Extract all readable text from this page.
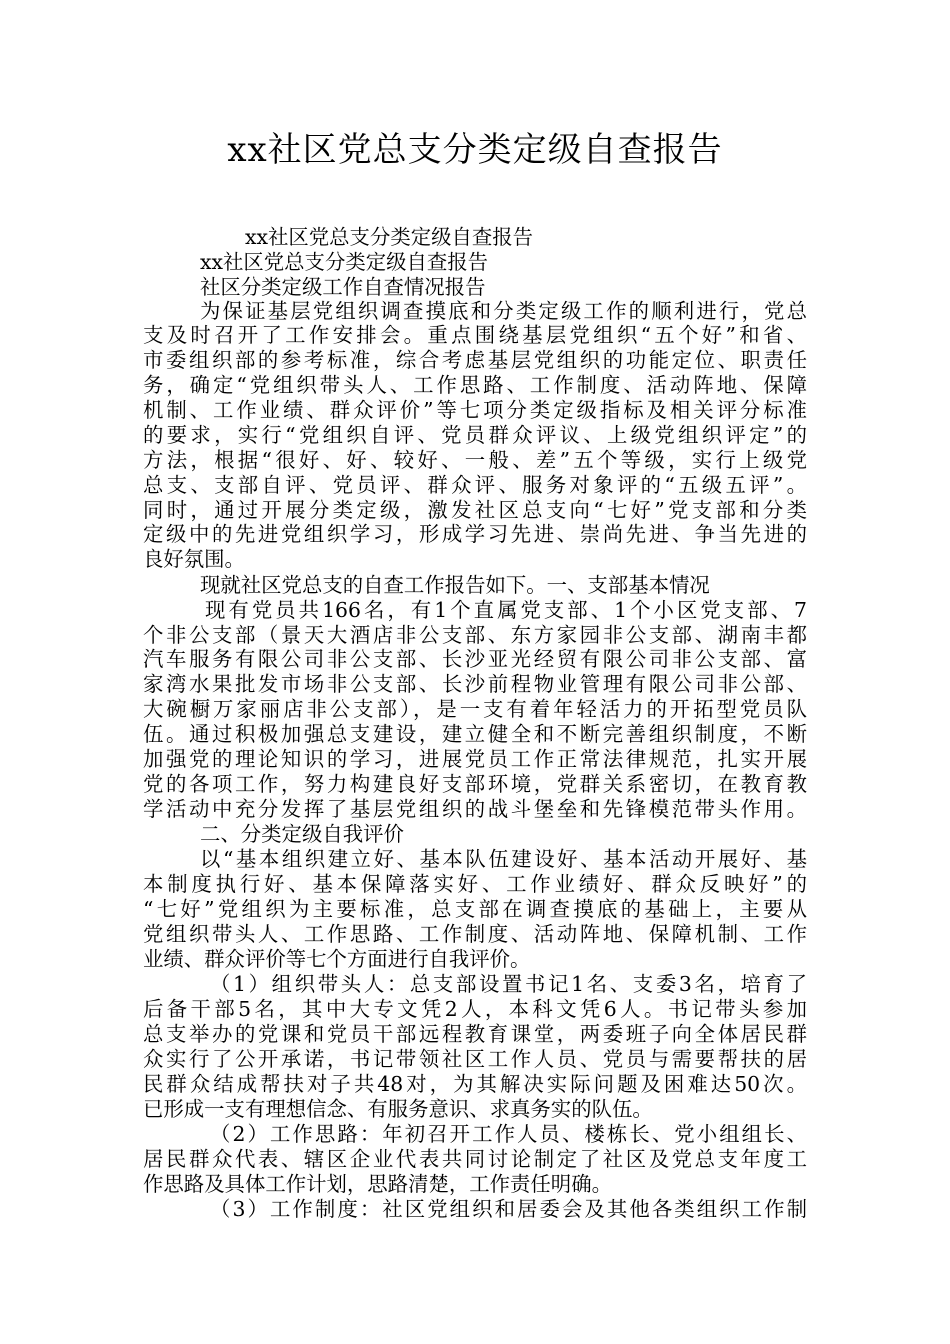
xx社区党总支分类定级自查报告
xx社区党总支分类定级自查报告
xx社区党总支分类定级自查报告
社区分类定级工作自查情况报告
为保证基层党组织调查摸底和分类定级工作的顺利进行，党总
支及时召开了工作安排会。重点围绕基层党组织“五个好”和省、
市委组织部的参考标准，综合考虑基层党组织的功能定位、职责任
务，确定“党组织带头人、工作思路、工作制度、活动阵地、保障
机制、工作业绩、群众评价”等七项分类定级指标及相关评分标准
的要求，实行“党组织自评、党员群众评议、上级党组织评定”的
方法，根据“很好、好、较好、一般、差”五个等级，实行上级党
总支、支部自评、党员评、群众评、服务对象评的“五级五评”。
同时，通过开展分类定级，激发社区总支向“七好”党支部和分类
定级中的先进党组织学习，形成学习先进、崇尚先进、争当先进的
良好氛围。
现就社区党总支的自查工作报告如下。一、支部基本情况
现有党员共166名，有1个直属党支部、1个小区党支部、7
个非公支部（景天大酒店非公支部、东方家园非公支部、湖南丰都
汽车服务有限公司非公支部、长沙亚光经贸有限公司非公支部、富
家湾水果批发市场非公支部、长沙前程物业管理有限公司非公部、
大碗橱万家丽店非公支部），是一支有着年轻活力的开拓型党员队
伍。通过积极加强总支建设，建立健全和不断完善组织制度，不断
加强党的理论知识的学习，进展党员工作正常法律规范，扎实开展
党的各项工作，努力构建良好支部环境，党群关系密切，在教育教
学活动中充分发挥了基层党组织的战斗堡垒和先锋模范带头作用。
二、分类定级自我评价
以“基本组织建立好、基本队伍建设好、基本活动开展好、基
本制度执行好、基本保障落实好、工作业绩好、群众反映好”的
“七好”党组织为主要标准，总支部在调查摸底的基础上，主要从
党组织带头人、工作思路、工作制度、活动阵地、保障机制、工作
业绩、群众评价等七个方面进行自我评价。
（1）组织带头人：总支部设置书记1名、支委3名，培育了
后备干部5名，其中大专文凭2人，本科文凭6人。书记带头参加
总支举办的党课和党员干部远程教育课堂，两委班子向全体居民群
众实行了公开承诺，书记带领社区工作人员、党员与需要帮扶的居
民群众结成帮扶对子共48对，为其解决实际问题及困难达50次。
已形成一支有理想信念、有服务意识、求真务实的队伍。
（2）工作思路：年初召开工作人员、楼栋长、党小组组长、
居民群众代表、辖区企业代表共同讨论制定了社区及党总支年度工
作思路及具体工作计划，思路清楚，工作责任明确。
（3）工作制度：社区党组织和居委会及其他各类组织工作制
